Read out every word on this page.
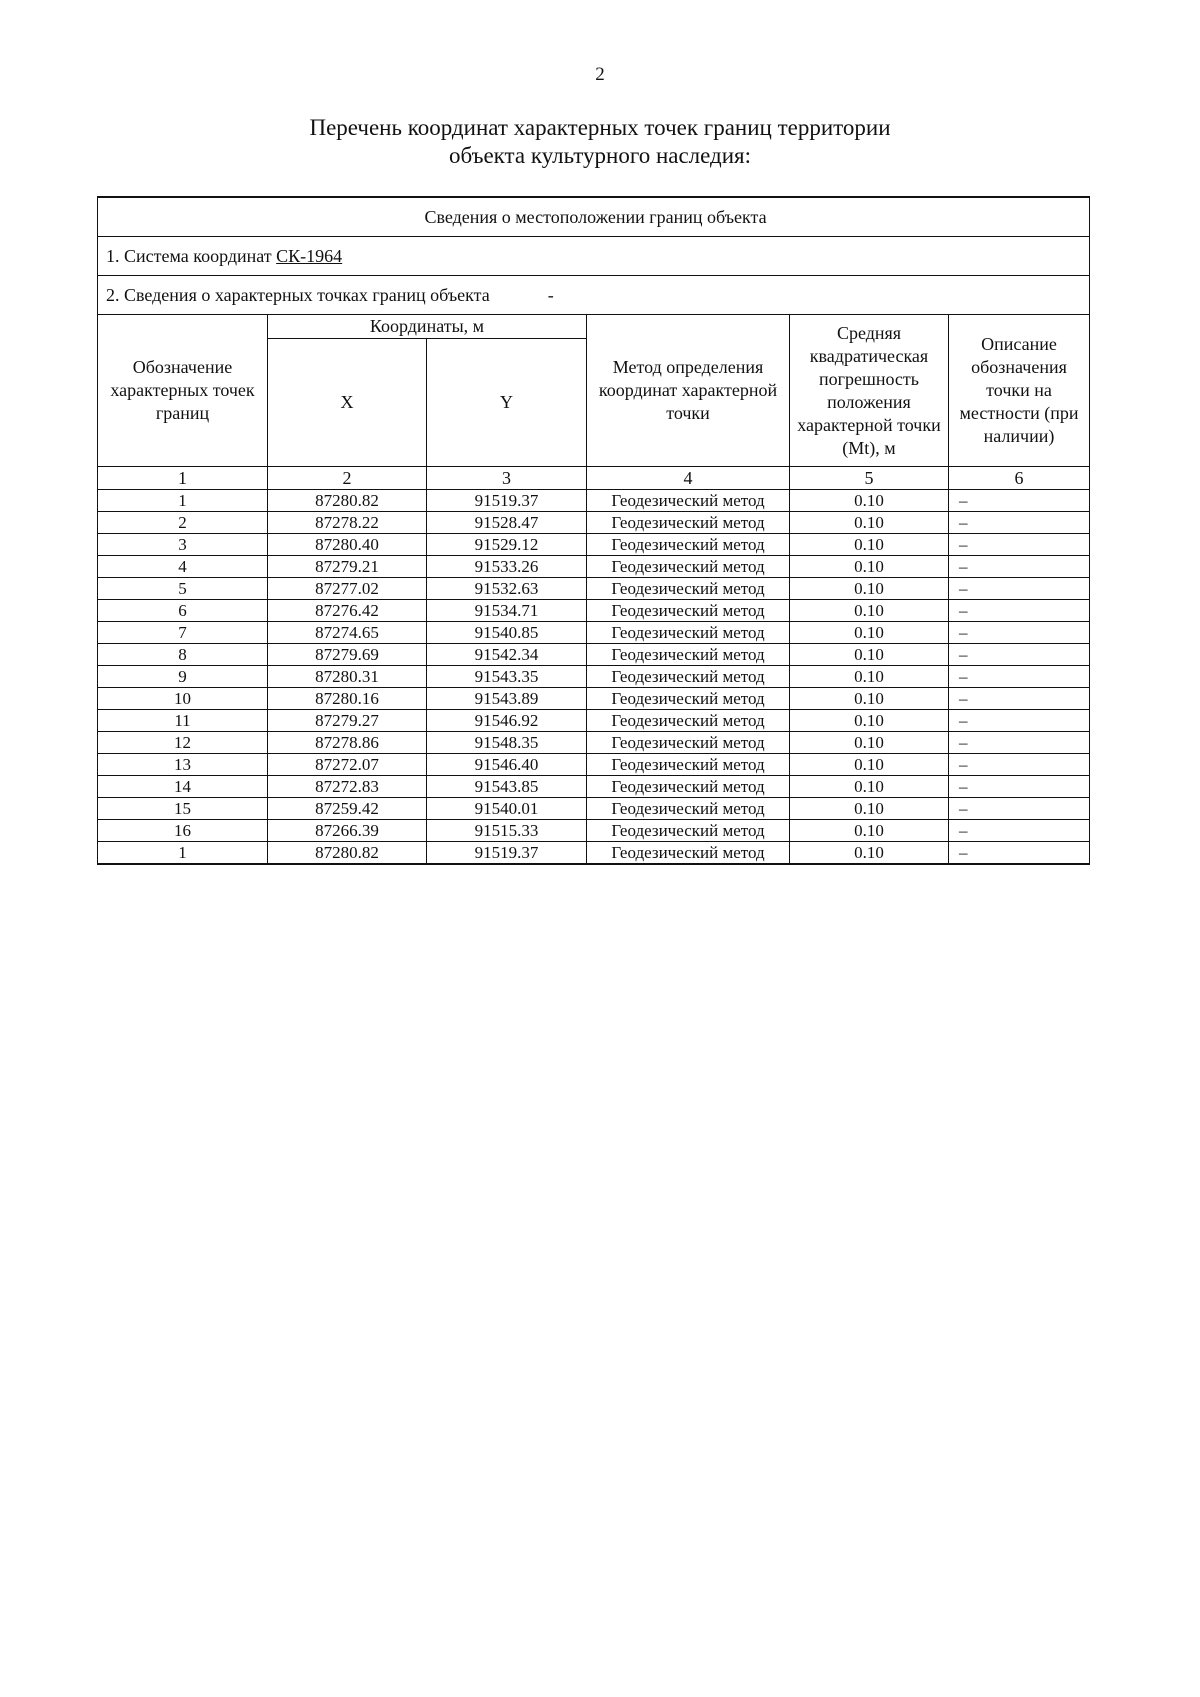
2
Перечень координат характерных точек границ территории
объекта культурного наследия:
Сведения о местоположении границ объекта					
1. Система координат СК-1964					
2. Сведения о характерных точках границ объекта -					
Обозначение характерных точек границ	Координаты, м		Метод определения координат характерной точки	Средняя квадратическая погрешность положения характерной точки (Mt), м	Описание обозначения точки на местности (при наличии)
	X	Y			
1	2	3	4	5	6
1	87280.82	91519.37	Геодезический метод	0.10	–
2	87278.22	91528.47	Геодезический метод	0.10	–
3	87280.40	91529.12	Геодезический метод	0.10	–
4	87279.21	91533.26	Геодезический метод	0.10	–
5	87277.02	91532.63	Геодезический метод	0.10	–
6	87276.42	91534.71	Геодезический метод	0.10	–
7	87274.65	91540.85	Геодезический метод	0.10	–
8	87279.69	91542.34	Геодезический метод	0.10	–
9	87280.31	91543.35	Геодезический метод	0.10	–
10	87280.16	91543.89	Геодезический метод	0.10	–
11	87279.27	91546.92	Геодезический метод	0.10	–
12	87278.86	91548.35	Геодезический метод	0.10	–
13	87272.07	91546.40	Геодезический метод	0.10	–
14	87272.83	91543.85	Геодезический метод	0.10	–
15	87259.42	91540.01	Геодезический метод	0.10	–
16	87266.39	91515.33	Геодезический метод	0.10	–
1	87280.82	91519.37	Геодезический метод	0.10	–
